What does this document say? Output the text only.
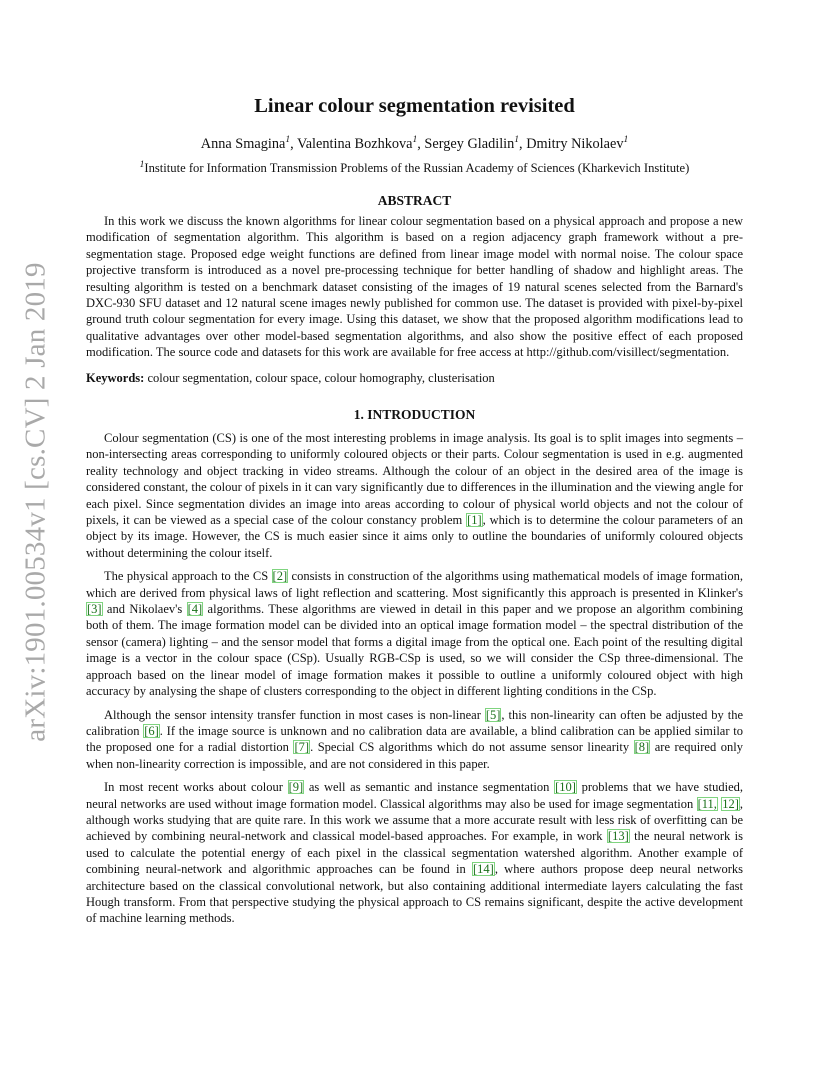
arXiv:1901.00534v1 [cs.CV] 2 Jan 2019
Linear colour segmentation revisited
Anna Smagina$^1$, Valentina Bozhkova$^1$, Sergey Gladilin$^1$, Dmitry Nikolaev$^1$
$^1$Institute for Information Transmission Problems of the Russian Academy of Sciences (Kharkevich Institute)
ABSTRACT

In this work we discuss the known algorithms for linear colour segmentation based on a physical approach and propose a new modification of segmentation algorithm. This algorithm is based on a region adjacency graph framework without a pre-segmentation stage. Proposed edge weight functions are defined from linear image model with normal noise. The colour space projective transform is introduced as a novel pre-processing technique for better handling of shadow and highlight areas. The resulting algorithm is tested on a benchmark dataset consisting of the images of 19 natural scenes selected from the Barnard's DXC-930 SFU dataset and 12 natural scene images newly published for common use. The dataset is provided with pixel-by-pixel ground truth colour segmentation for every image. Using this dataset, we show that the proposed algorithm modifications lead to qualitative advantages over other model-based segmentation algorithms, and also show the positive effect of each proposed modification. The source code and datasets for this work are available for free access at http://github.com/visillect/segmentation.

Keywords: colour segmentation, colour space, colour homography, clusterisation

1. INTRODUCTION

Colour segmentation (CS) is one of the most interesting problems in image analysis. Its goal is to split images into segments – non-intersecting areas corresponding to uniformly coloured objects or their parts. Colour segmentation is used in e.g. augmented reality technology and object tracking in video streams. Although the colour of an object in the desired area of the image is considered constant, the colour of pixels in it can vary significantly due to differences in the illumination and the viewing angle for each pixel. Since segmentation divides an image into areas according to colour of physical world objects and not the colour of pixels, it can be viewed as a special case of the colour constancy problem [1], which is to determine the colour parameters of an object by its image. However, the CS is much easier since it aims only to outline the boundaries of uniformly coloured objects without determining the colour itself.

The physical approach to the CS [2] consists in construction of the algorithms using mathematical models of image formation, which are derived from physical laws of light reflection and scattering. Most significantly this approach is presented in Klinker's [3] and Nikolaev's [4] algorithms. These algorithms are viewed in detail in this paper and we propose an algorithm combining both of them. The image formation model can be divided into an optical image formation model – the spectral distribution of the sensor (camera) lighting – and the sensor model that forms a digital image from the optical one. Each point of the resulting digital image is a vector in the colour space (CSp). Usually RGB-CSp is used, so we will consider the CSp three-dimensional. The approach based on the linear model of image formation makes it possible to outline a uniformly coloured object with high accuracy by analysing the shape of clusters corresponding to the object in different lighting conditions in the CSp.

Although the sensor intensity transfer function in most cases is non-linear [5], this non-linearity can often be adjusted by the calibration [6]. If the image source is unknown and no calibration data are available, a blind calibration can be applied similar to the proposed one for a radial distortion [7]. Special CS algorithms which do not assume sensor linearity [8] are required only when non-linearity correction is impossible, and are not considered in this paper.

In most recent works about colour [9] as well as semantic and instance segmentation [10] problems that we have studied, neural networks are used without image formation model. Classical algorithms may also be used for image segmentation [11, 12], although works studying that are quite rare. In this work we assume that a more accurate result with less risk of overfitting can be achieved by combining neural-network and classical model-based approaches. For example, in work [13] the neural network is used to calculate the potential energy of each pixel in the classical segmentation watershed algorithm. Another example of combining neural-network and algorithmic approaches can be found in [14], where authors propose deep neural networks architecture based on the classical convolutional network, but also containing additional intermediate layers calculating the fast Hough transform. From that perspective studying the physical approach to CS remains significant, despite the active development of machine learning methods.
